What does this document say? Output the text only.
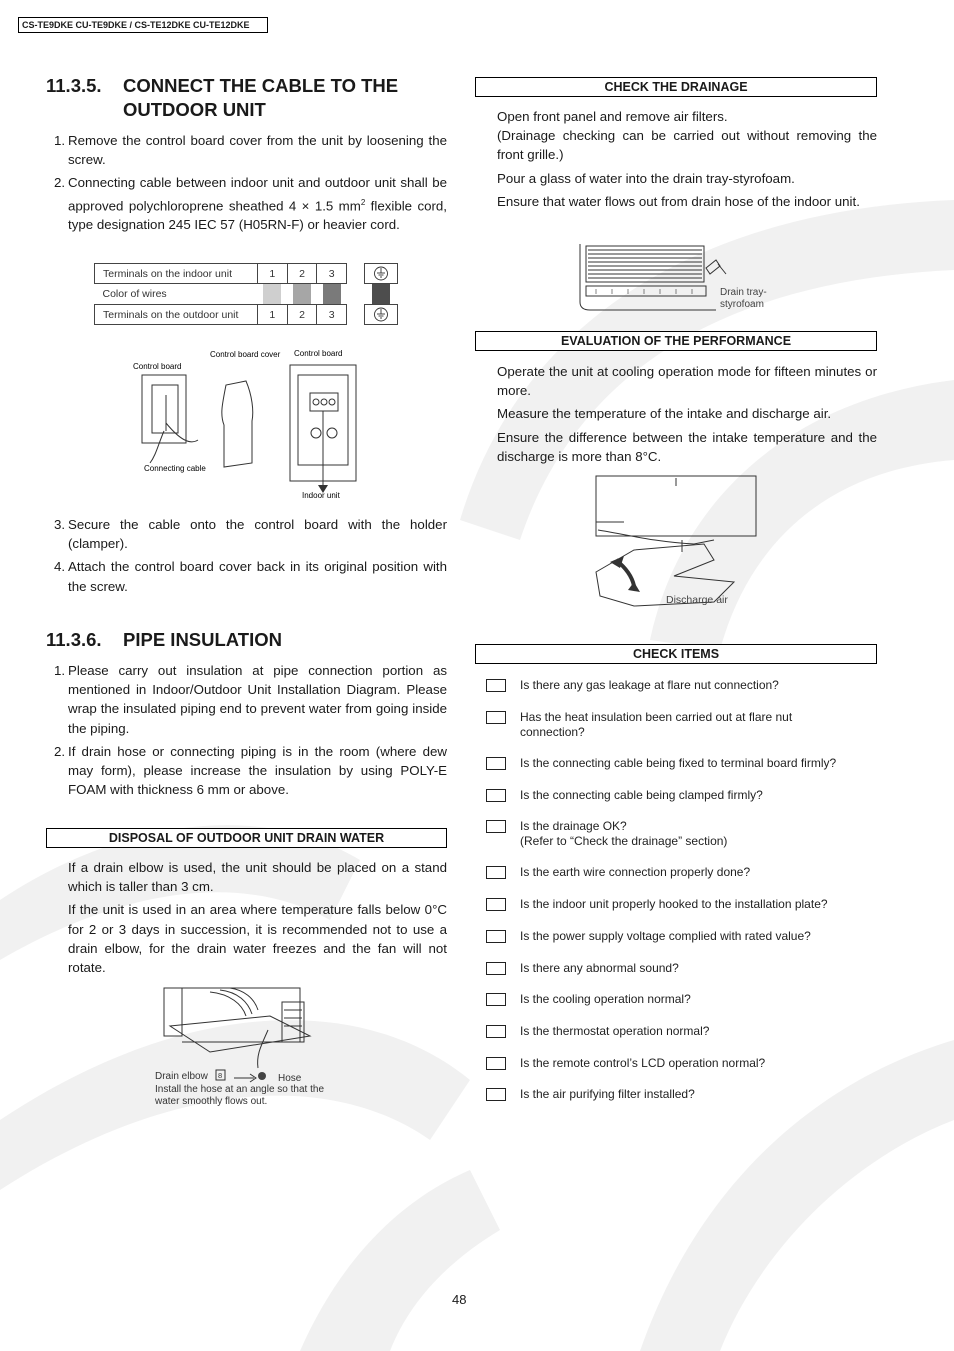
CS-TE9DKE CU-TE9DKE / CS-TE12DKE CU-TE12DKE
11.3.5. CONNECT THE CABLE TO THE
OUTDOOR UNIT
1. Remove the control board cover from the unit by loosening the screw.
2. Connecting cable between indoor unit and outdoor unit shall be approved polychloroprene sheathed 4 × 1.5 $mm^2$ flexible cord, type designation 245 IEC 57 (H05RN-F) or heavier cord.
Terminals on the indoor unit	1	2	3
Color of wires	

Terminals on the outdoor unit	1	2	3
Control board
Control board cover Control board
Connecting cable
Indoor unit
3. Secure the cable onto the control board with the holder (clamper).
4. Attach the control board cover back in its original position with the screw.
11.3.6. PIPE INSULATION
1. Please carry out insulation at pipe connection portion as mentioned in Indoor/Outdoor Unit Installation Diagram. Please wrap the insulated piping end to prevent water from going inside the piping.
2. If drain hose or connecting piping is in the room (where dew may form), please increase the insulation by using POLY-E FOAM with thickness 6 mm or above.
DISPOSAL OF OUTDOOR UNIT DRAIN WATER
If a drain elbow is used, the unit should be placed on a stand which is taller than 3 cm.
If the unit is used in an area where temperature falls below 0°C for 2 or 3 days in succession, it is recommended not to use a drain elbow, for the drain water freezes and the fan will not rotate.
8
Drain elbow	Hose
Install the hose at an angle so that the
water smoothly flows out.
CHECK THE DRAINAGE
Open front panel and remove air filters.
(Drainage checking can be carried out without removing the front grille.)
Pour a glass of water into the drain tray-styrofoam.
Ensure that water flows out from drain hose of the indoor unit.
Drain tray-
styrofoam
EVALUATION OF THE PERFORMANCE
Operate the unit at cooling operation mode for fifteen minutes or more.
Measure the temperature of the intake and discharge air.
Ensure the difference between the intake temperature and the discharge is more than 8°C.
Discharge air
CHECK ITEMS
Is there any gas leakage at flare nut connection?
Has the heat insulation been carried out at flare nut
connection?
Is the connecting cable being fixed to terminal board firmly?
Is the connecting cable being clamped firmly?
Is the drainage OK?
(Refer to “Check the drainage” section)
Is the earth wire connection properly done?
Is the indoor unit properly hooked to the installation plate?
Is the power supply voltage complied with rated value?
Is there any abnormal sound?
Is the cooling operation normal?
Is the thermostat operation normal?
Is the remote control’s LCD operation normal?
Is the air purifying filter installed?
48
